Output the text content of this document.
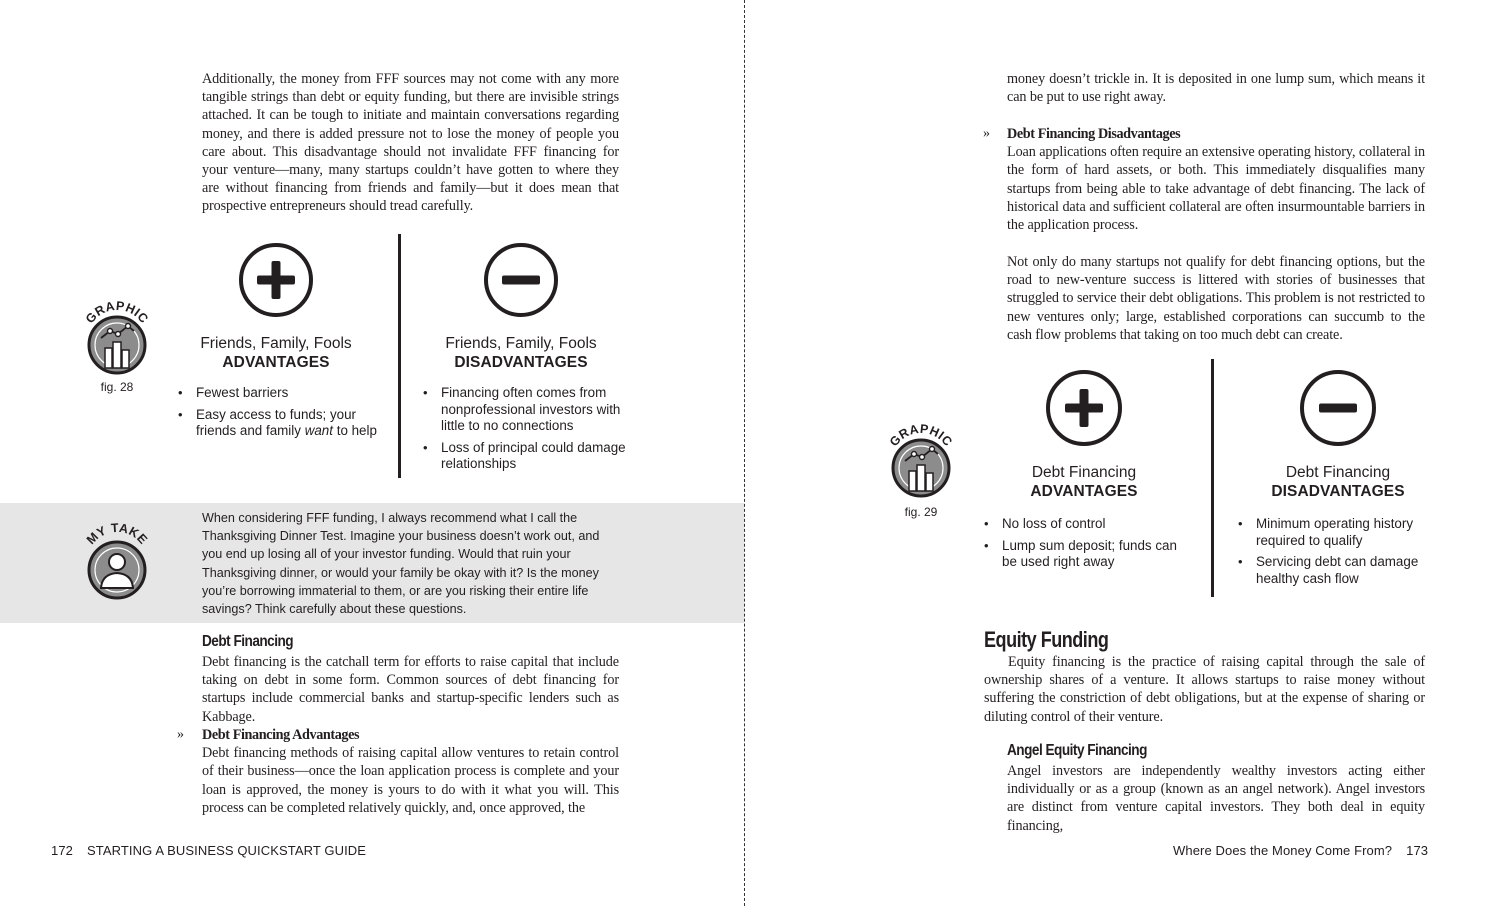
Additionally, the money from FFF sources may not come with any more tangible strings than debt or equity funding, but there are invisible strings attached. It can be tough to initiate and maintain conversations regarding money, and there is added pressure not to lose the money of people you care about. This disadvantage should not invalidate FFF financing for your venture—many, many startups couldn’t have gotten to where they are without financing from friends and family—but it does mean that prospective entrepreneurs should tread carefully.

GRAPHIC
fig. 28
Friends, Family, Fools
ADVANTAGES
• Fewest barriers
• Easy access to funds; your friends and family want to help
Friends, Family, Fools
DISADVANTAGES
• Financing often comes from nonprofessional investors with little to no connections
• Loss of principal could damage relationships
MY TAKE

When considering FFF funding, I always recommend what I call the Thanksgiving Dinner Test. Imagine your business doesn’t work out, and you end up losing all of your investor funding. Would that ruin your Thanksgiving dinner, or would your family be okay with it? Is the money you’re borrowing immaterial to them, or are you risking their entire life savings? Think carefully about these questions.

Debt Financing

Debt financing is the catchall term for efforts to raise capital that include taking on debt in some form. Common sources of debt financing for startups include commercial banks and startup-specific lenders such as Kabbage.

» Debt Financing Advantages
Debt financing methods of raising capital allow ventures to retain control of their business—once the loan application process is complete and your loan is approved, the money is yours to do with it what you will. This process can be completed relatively quickly, and, once approved, the
172 STARTING A BUSINESS QUICKSTART GUIDE

money doesn’t trickle in. It is deposited in one lump sum, which means it can be put to use right away.

» Debt Financing Disadvantages
Loan applications often require an extensive operating history, collateral in the form of hard assets, or both. This immediately disqualifies many startups from being able to take advantage of debt financing. The lack of historical data and sufficient collateral are often insurmountable barriers in the application process.

Not only do many startups not qualify for debt financing options, but the road to new-venture success is littered with stories of businesses that struggled to service their debt obligations. This problem is not restricted to new ventures only; large, established corporations can succumb to the cash flow problems that taking on too much debt can create.

GRAPHIC
fig. 29
Debt Financing
ADVANTAGES
• No loss of control
• Lump sum deposit; funds can be used right away
Debt Financing
DISADVANTAGES
• Minimum operating history required to qualify
• Servicing debt can damage healthy cash flow
Equity Funding

Equity financing is the practice of raising capital through the sale of ownership shares of a venture. It allows startups to raise money without suffering the constriction of debt obligations, but at the expense of sharing or diluting control of their venture.

Angel Equity Financing

Angel investors are independently wealthy investors acting either individually or as a group (known as an angel network). Angel investors are distinct from venture capital investors. They both deal in equity financing,

Where Does the Money Come From? 173
